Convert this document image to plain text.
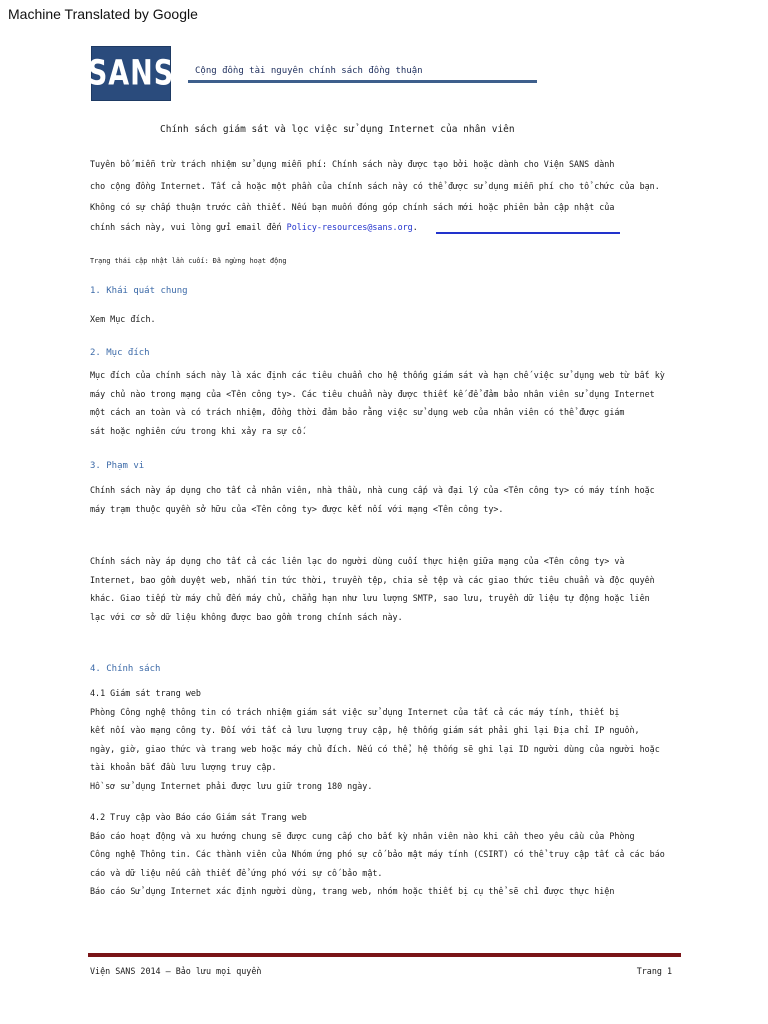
Machine Translated by Google
SANS Cộng đồng tài nguyên chính sách đồng thuận
Chính sách giám sát và lọc việc sử dụng Internet của nhân viên
Tuyên bố miễn trừ trách nhiệm sử dụng miễn phí: Chính sách này được tạo bởi hoặc dành cho Viện SANS dành
cho cộng đồng Internet. Tất cả hoặc một phần của chính sách này có thể được sử dụng miễn phí cho tổ chức của bạn.
Không có sự chấp thuận trước cần thiết. Nếu bạn muốn đóng góp chính sách mới hoặc phiên bản cập nhật của
chính sách này, vui lòng gửi email đến Policy-resources@sans.org.
Trạng thái cập nhật lần cuối: Đã ngừng hoạt động
1. Khái quát chung
Xem Mục đích.
2. Mục đích
Mục đích của chính sách này là xác định các tiêu chuẩn cho hệ thống giám sát và hạn chế việc sử dụng web từ bất kỳ
máy chủ nào trong mạng của <Tên công ty>. Các tiêu chuẩn này được thiết kế để đảm bảo nhân viên sử dụng Internet
một cách an toàn và có trách nhiệm, đồng thời đảm bảo rằng việc sử dụng web của nhân viên có thể được giám
sát hoặc nghiên cứu trong khi xảy ra sự cố.
3. Phạm vi
Chính sách này áp dụng cho tất cả nhân viên, nhà thầu, nhà cung cấp và đại lý của <Tên công ty> có máy tính hoặc
máy trạm thuộc quyền sở hữu của <Tên công ty> được kết nối với mạng <Tên công ty>.
Chính sách này áp dụng cho tất cả các liên lạc do người dùng cuối thực hiện giữa mạng của <Tên công ty> và
Internet, bao gồm duyệt web, nhắn tin tức thời, truyền tệp, chia sẻ tệp và các giao thức tiêu chuẩn và độc quyền
khác. Giao tiếp từ máy chủ đến máy chủ, chẳng hạn như lưu lượng SMTP, sao lưu, truyền dữ liệu tự động hoặc liên
lạc với cơ sở dữ liệu không được bao gồm trong chính sách này.
4. Chính sách
4.1 Giám sát trang web
Phòng Công nghệ thông tin có trách nhiệm giám sát việc sử dụng Internet của tất cả các máy tính, thiết bị
kết nối vào mạng công ty. Đối với tất cả lưu lượng truy cập, hệ thống giám sát phải ghi lại Địa chỉ IP nguồn,
ngày, giờ, giao thức và trang web hoặc máy chủ đích. Nếu có thể, hệ thống sẽ ghi lại ID người dùng của người hoặc
tài khoản bắt đầu lưu lượng truy cập.
Hồ sơ sử dụng Internet phải được lưu giữ trong 180 ngày.
4.2 Truy cập vào Báo cáo Giám sát Trang web
Báo cáo hoạt động và xu hướng chung sẽ được cung cấp cho bất kỳ nhân viên nào khi cần theo yêu cầu của Phòng
Công nghệ Thông tin. Các thành viên của Nhóm ứng phó sự cố bảo mật máy tính (CSIRT) có thể truy cập tất cả các báo
cáo và dữ liệu nếu cần thiết để ứng phó với sự cố bảo mật.
Báo cáo Sử dụng Internet xác định người dùng, trang web, nhóm hoặc thiết bị cụ thể sẽ chỉ được thực hiện
Viện SANS 2014 – Bảo lưu mọi quyền	Trang 1
